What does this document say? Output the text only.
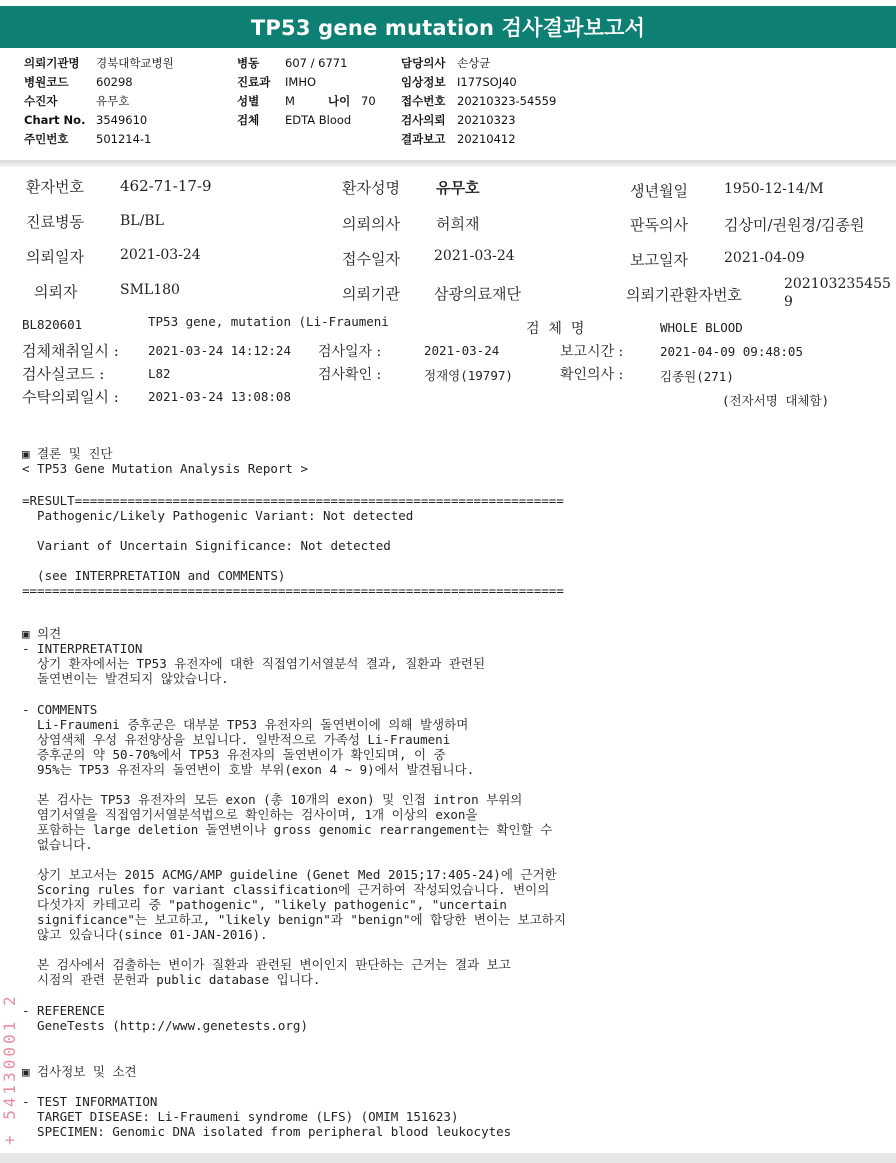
TP53 gene mutation 검사결과보고서
의뢰기관명	경북대학교병원
병원코드	60298
수진자	유무호
Chart No. 3549610
주민번호	501214-1
병동	607 / 6771
진료과	IMHO
성별	M	나이 70
검체	EDTA Blood
담당의사	손상균
임상정보	I177SOJ40
접수번호	20210323-54559
검사의뢰	20210323
결과보고	20210412
환자번호 462-71-17-9	환자성명 유무호	생년월일	1950-12-14/M
진료병동	BL/BL	의뢰의사 허희재	판독의사 김상미/권원경/김종원
의뢰일자	2021-03-24	접수일자 2021-03-24	보고일자	2021-04-09
의뢰자	SML180	의뢰기관 삼광의료재단	의뢰기관환자번호
202103235455
9
BL820601	TP53 gene, mutation (Li-Fraumeni	검  체  명	WHOLE BLOOD
검체채취일시 : 2021-03-24 14:12:24 검사일자 :	2021-03-24	보고시간 :	2021-04-09 09:48:05
검사실코드 :	L82	검사확인 :	정재영(19797)	확인의사 :	김종원(271)
수탁의뢰일시 : 2021-03-24 13:08:08	(전자서명 대체함)
▣ 결론 및 진단
< TP53 Gene Mutation Analysis Report >
=RESULT=================================================================
Pathogenic/Likely Pathogenic Variant: Not detected

Variant of Uncertain Significance: Not detected

(see INTERPRETATION and COMMENTS)
========================================================================
▣ 의견
- INTERPRETATION
상기 환자에서는 TP53 유전자에 대한 직접염기서열분석 결과, 질환과 관련된
돌연변이는 발견되지 않았습니다.
- COMMENTS
Li-Fraumeni 증후군은 대부분 TP53 유전자의 돌연변이에 의해 발생하며
상염색체 우성 유전양상을 보입니다. 일반적으로 가족성 Li-Fraumeni
증후군의 약 50-70%에서 TP53 유전자의 돌연변이가 확인되며, 이 중
95%는 TP53 유전자의 돌연변이 호발 부위(exon 4 ~ 9)에서 발견됩니다.

본 검사는 TP53 유전자의 모든 exon (총 10개의 exon) 및 인접 intron 부위의
염기서열을 직접염기서열분석법으로 확인하는 검사이며, 1개 이상의 exon을
포함하는 large deletion 돌연변이나 gross genomic rearrangement는 확인할 수
없습니다.

상기 보고서는 2015 ACMG/AMP guideline (Genet Med 2015;17:405-24)에 근거한
Scoring rules for variant classification에 근거하여 작성되었습니다. 변이의
다섯가지 카테고리 중 "pathogenic", "likely pathogenic", "uncertain
significance"는 보고하고, "likely benign"과 "benign"에 합당한 변이는 보고하지
않고 있습니다(since 01-JAN-2016).

본 검사에서 검출하는 변이가 질환과 관련된 변이인지 판단하는 근거는 결과 보고
시점의 관련 문헌과 public database 입니다.
- REFERENCE
GeneTests (http://www.genetests.org)
▣ 검사정보 및 소견
- TEST INFORMATION
TARGET DISEASE: Li-Fraumeni syndrome (LFS) (OMIM 151623)
SPECIMEN: Genomic DNA isolated from peripheral blood leukocytes
+ 54130001 2
